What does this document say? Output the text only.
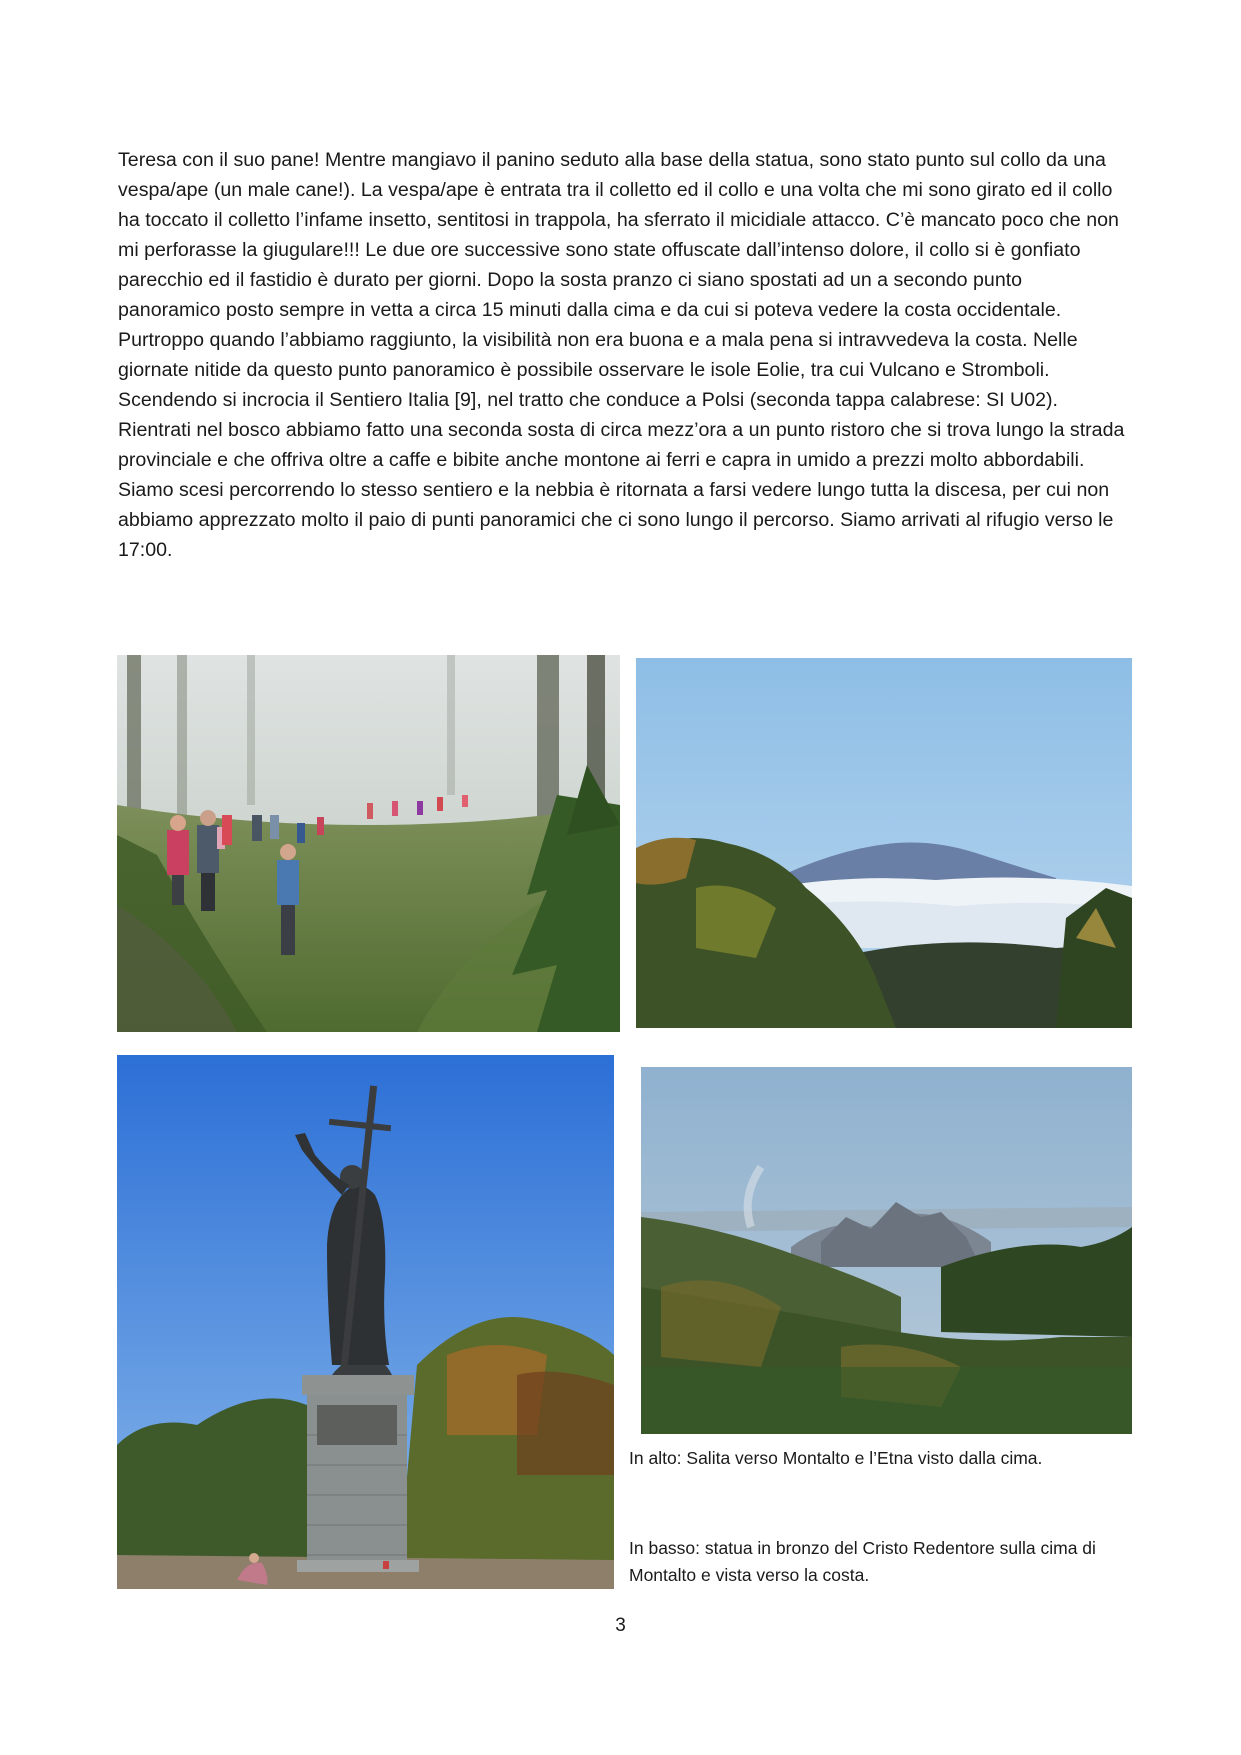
Teresa con il suo pane! Mentre mangiavo il panino seduto alla base della statua, sono stato punto sul collo da una vespa/ape (un male cane!). La vespa/ape è entrata tra il colletto ed il collo e una volta che mi sono girato ed il collo ha toccato il colletto l’infame insetto, sentitosi in trappola, ha sferrato il micidiale attacco. C’è mancato poco che non mi perforasse la giugulare!!! Le due ore successive sono state offuscate dall’intenso dolore, il collo si è gonfiato parecchio ed il fastidio è durato per giorni. Dopo la sosta pranzo ci siano spostati ad un a secondo punto panoramico posto sempre in vetta a circa 15 minuti dalla cima e da cui si poteva vedere la costa occidentale. Purtroppo quando l’abbiamo raggiunto, la visibilità non era buona e a mala pena si intravvedeva la costa. Nelle giornate nitide da questo punto panoramico è possibile osservare le isole Eolie, tra cui Vulcano e Stromboli. Scendendo si incrocia il Sentiero Italia [9], nel tratto che conduce a Polsi (seconda tappa calabrese: SI U02). Rientrati nel bosco abbiamo fatto una seconda sosta di circa mezz’ora a un punto ristoro che si trova lungo la strada provinciale e che offriva oltre a caffe e bibite anche montone ai ferri e capra in umido a prezzi molto abbordabili. Siamo scesi percorrendo lo stesso sentiero e la nebbia è ritornata a farsi vedere lungo tutta la discesa, per cui non abbiamo apprezzato molto il paio di punti panoramici che ci sono lungo il percorso. Siamo arrivati al rifugio verso le 17:00.

In alto: Salita verso Montalto e l’Etna visto dalla cima.

In basso: statua in bronzo del Cristo Redentore sulla cima di Montalto e vista verso la costa.

3
